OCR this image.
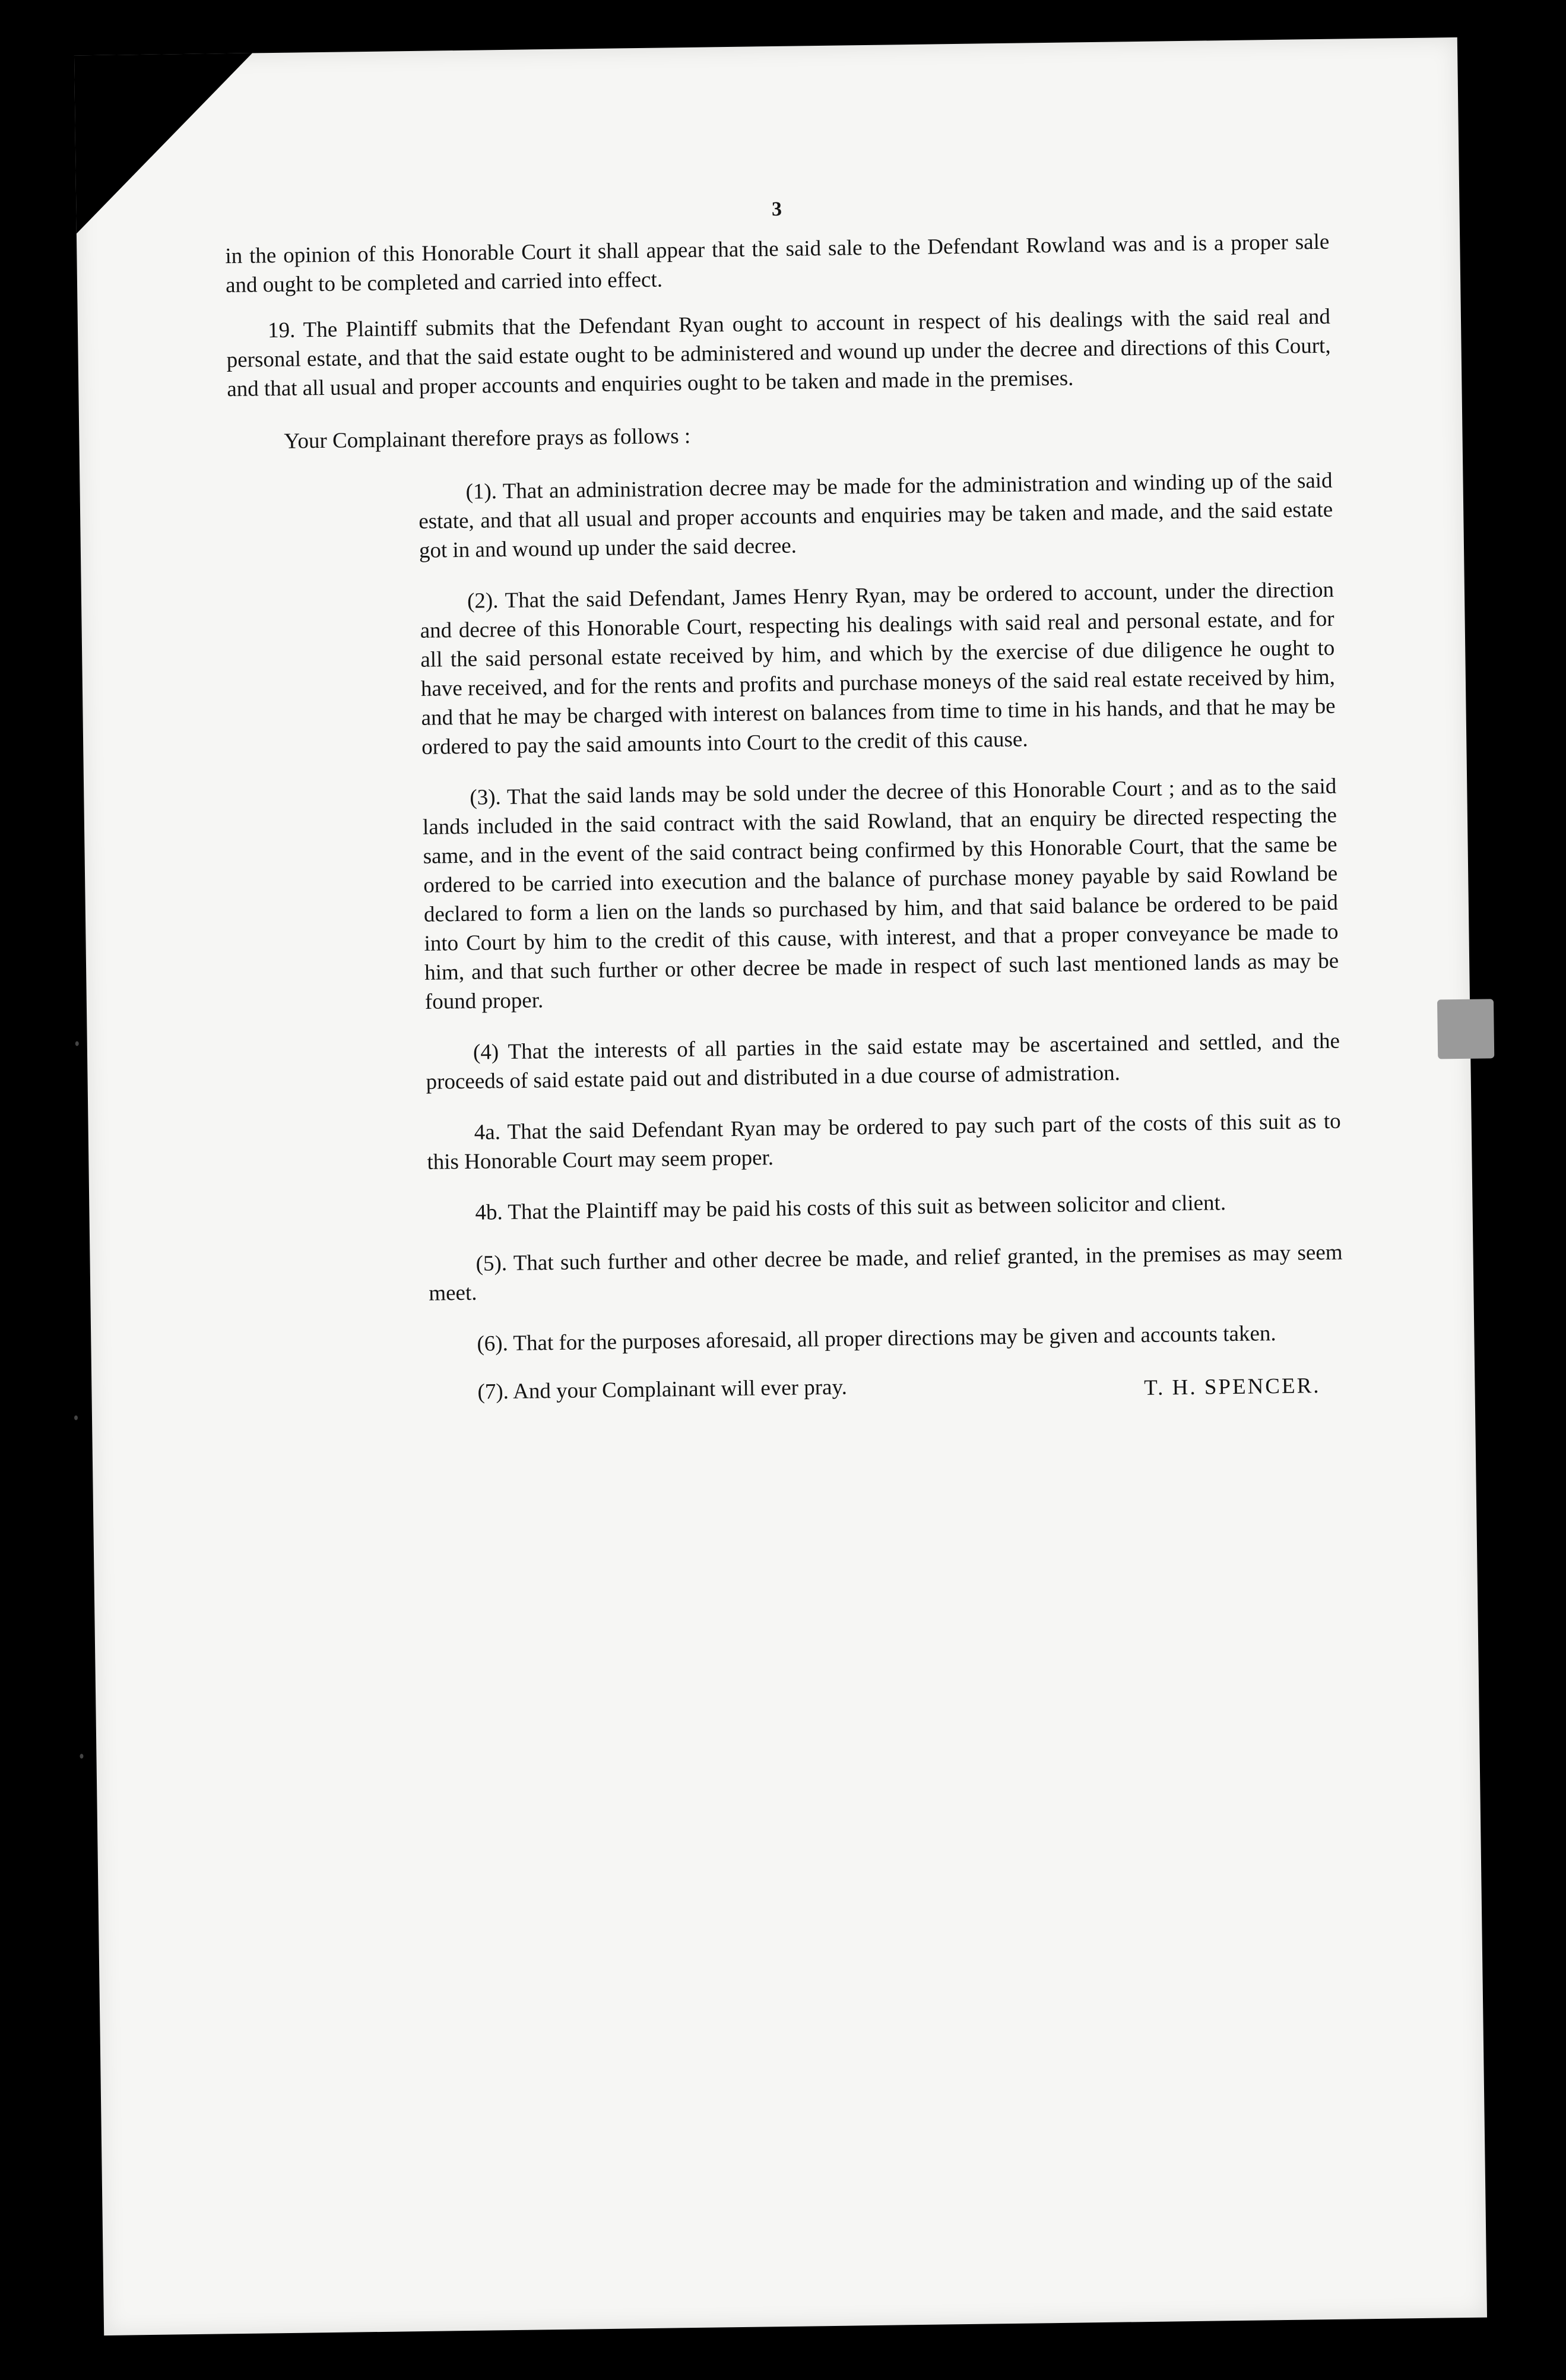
3

in the opinion of this Honorable Court it shall appear that the said sale to the Defendant Rowland was and is a proper sale and ought to be completed and carried into effect.

19. The Plaintiff submits that the Defendant Ryan ought to account in respect of his dealings with the said real and personal estate, and that the said estate ought to be administered and wound up under the decree and directions of this Court, and that all usual and proper accounts and enquiries ought to be taken and made in the premises.

Your Complainant therefore prays as follows :

(1). That an administration decree may be made for the administration and winding up of the said estate, and that all usual and proper accounts and enquiries may be taken and made, and the said estate got in and wound up under the said decree.

(2). That the said Defendant, James Henry Ryan, may be ordered to account, under the direction and decree of this Honorable Court, respecting his dealings with said real and personal estate, and for all the said personal estate received by him, and which by the exercise of due diligence he ought to have received, and for the rents and profits and purchase moneys of the said real estate received by him, and that he may be charged with interest on balances from time to time in his hands, and that he may be ordered to pay the said amounts into Court to the credit of this cause.

(3). That the said lands may be sold under the decree of this Honorable Court ; and as to the said lands included in the said contract with the said Rowland, that an enquiry be directed respecting the same, and in the event of the said contract being confirmed by this Honorable Court, that the same be ordered to be carried into execution and the balance of purchase money payable by said Rowland be declared to form a lien on the lands so purchased by him, and that said balance be ordered to be paid into Court by him to the credit of this cause, with interest, and that a proper conveyance be made to him, and that such further or other decree be made in respect of such last mentioned lands as may be found proper.

(4) That the interests of all parties in the said estate may be ascertained and settled, and the proceeds of said estate paid out and distributed in a due course of admistration.

4a. That the said Defendant Ryan may be ordered to pay such part of the costs of this suit as to this Honorable Court may seem proper.

4b. That the Plaintiff may be paid his costs of this suit as between solicitor and client.

(5). That such further and other decree be made, and relief granted, in the premises as may seem meet.

(6). That for the purposes aforesaid, all proper directions may be given and accounts taken.

(7). And your Complainant will ever pray.	T. H. SPENCER.
